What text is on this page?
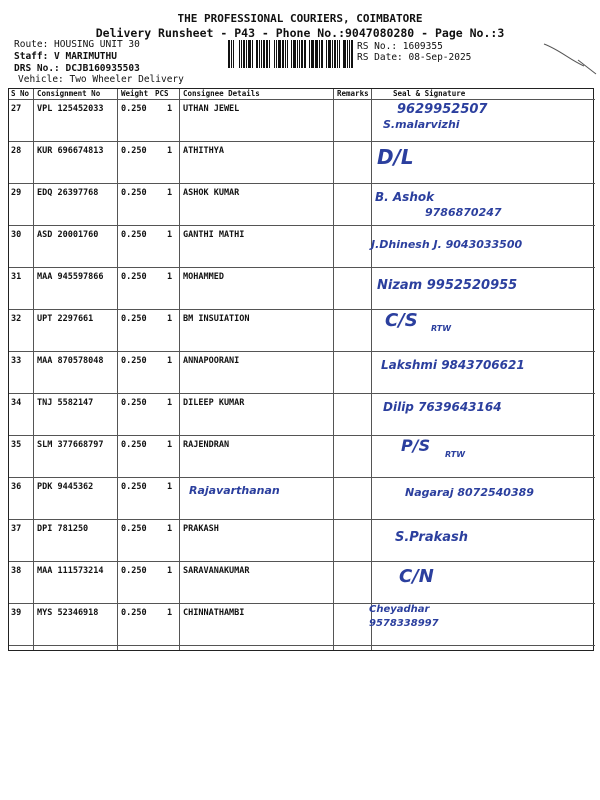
THE PROFESSIONAL COURIERS, COIMBATORE
Delivery Runsheet - P43 - Phone No.:9047080280 - Page No.:3
Route: HOUSING UNIT 30
Staff: V MARIMUTHU
DRS No.: DCJB160935503
Vehicle: Two Wheeler Delivery
RS No.: 1609355
RS Date: 08-Sep-2025
S No Consignment No	Weight PCS Consignee Details	Remarks	Seal & Signature
27 VPL 125452033 0.250 1 UTHAN JEWEL	9629952507
S.malarvizhi
28 KUR 696674813 0.250 1 ATHITHYA	D/L
29 EDQ 26397768	0.250 1 ASHOK KUMAR	B. Ashok
9786870247
30 ASD 20001760	0.250 1 GANTHI MATHI
J.Dhinesh J. 9043033500
31 MAA 945597866 0.250 1 MOHAMMED
Nizam 9952520955
32 UPT 2297661	0.250 1 BM INSUIATION	C/S RTW
33 MAA 870578048 0.250 1 ANNAPOORANI	Lakshmi 9843706621
34 TNJ 5582147	0.250 1 DILEEP KUMAR	Dilip 7639643164
35 SLM 377668797 0.250 1 RAJENDRAN	P/S RTW
36 PDK 9445362	0.250 1 Rajavarthanan	Nagaraj 8072540389
37 DPI 781250	0.250 1 PRAKASH
S.Prakash
38 MAA 111573214 0.250 1 SARAVANAKUMAR	C/N
39 MYS 52346918	0.250 1 CHINNATHAMBI	Cheyadhar
9578338997
